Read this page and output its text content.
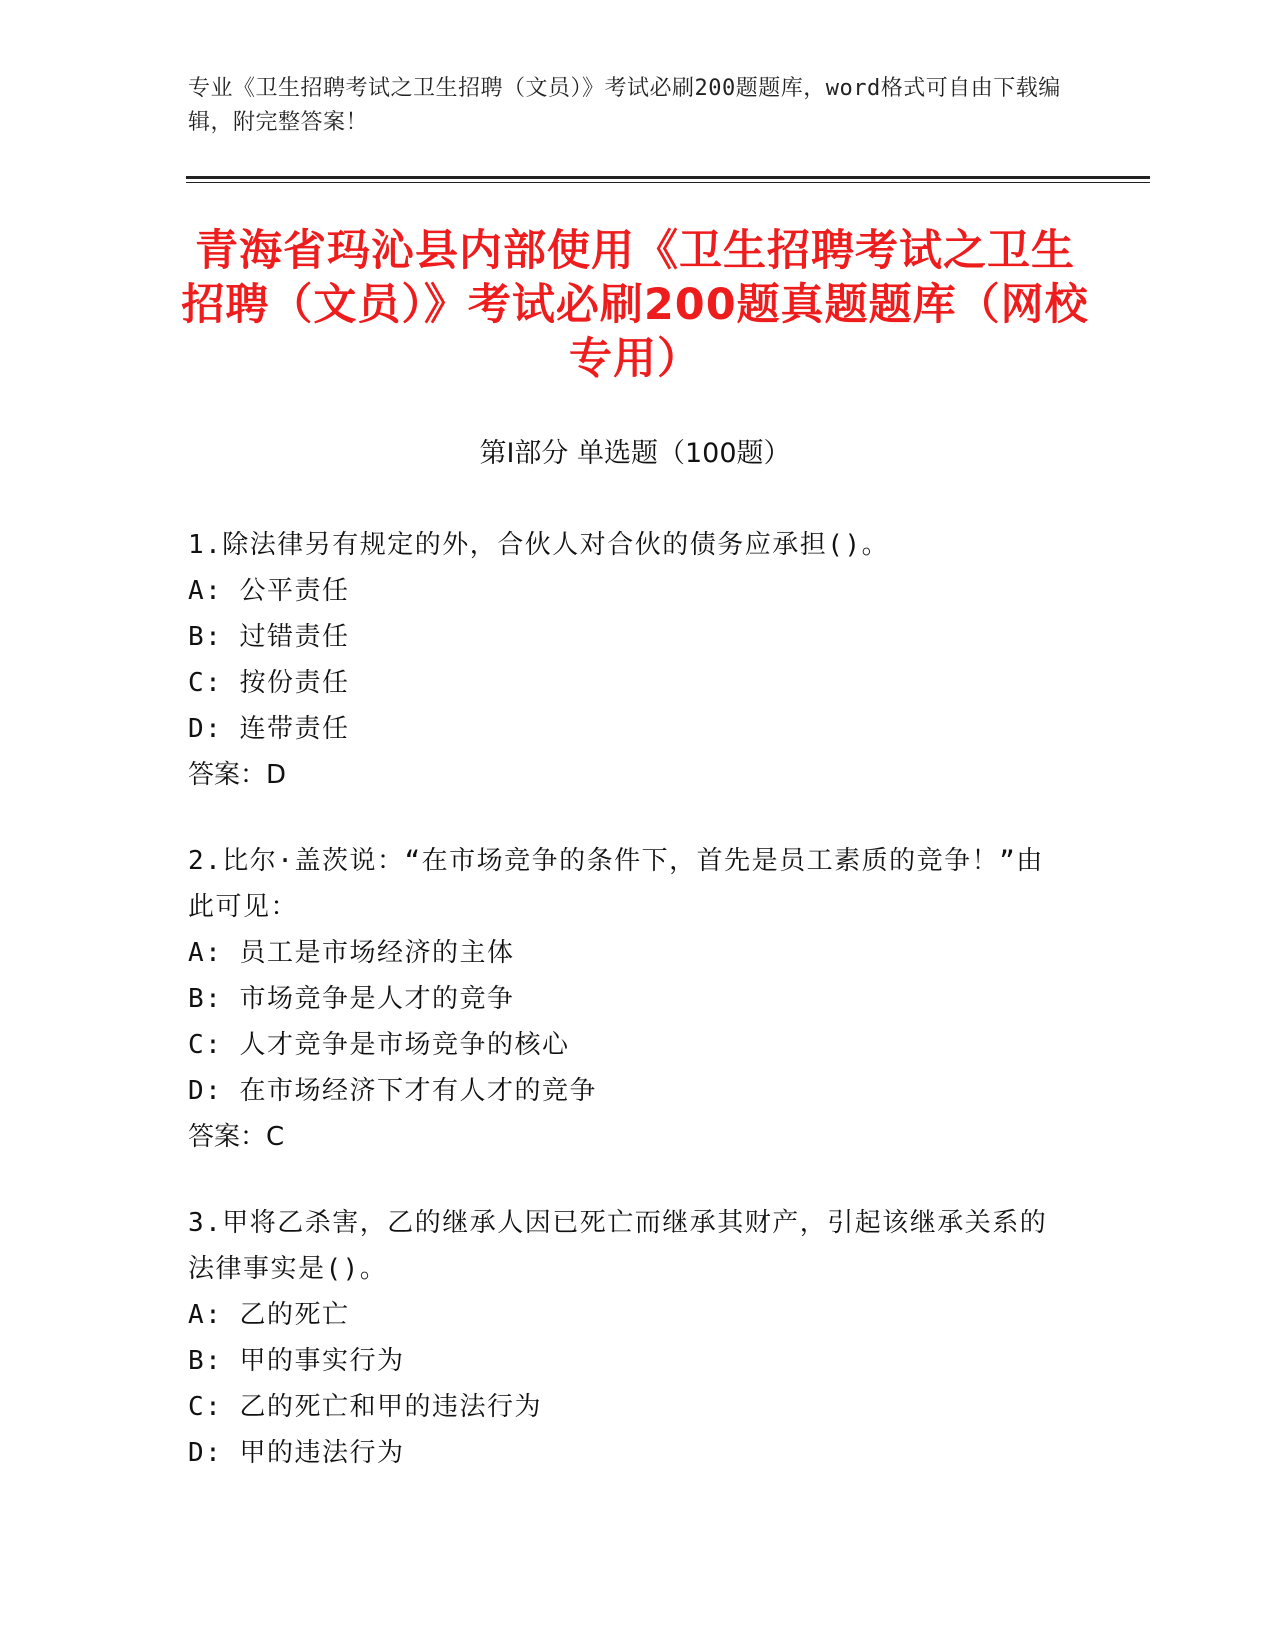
专业《卫生招聘考试之卫生招聘（文员）》考试必刷200题题库，word格式可自由下载编辑，附完整答案！
青海省玛沁县内部使用《卫生招聘考试之卫生招聘（文员）》考试必刷200题真题题库（网校专用）
第Ⅰ部分 单选题（100题）

1.除法律另有规定的外，合伙人对合伙的债务应承担()。

A: 公平责任

B: 过错责任

C: 按份责任

D: 连带责任

答案：D

2.比尔·盖茨说：“在市场竞争的条件下，首先是员工素质的竞争！”由此可见：

A: 员工是市场经济的主体

B: 市场竞争是人才的竞争

C: 人才竞争是市场竞争的核心

D: 在市场经济下才有人才的竞争

答案：C

3.甲将乙杀害，乙的继承人因已死亡而继承其财产，引起该继承关系的法律事实是()。

A: 乙的死亡

B: 甲的事实行为

C: 乙的死亡和甲的违法行为

D: 甲的违法行为
